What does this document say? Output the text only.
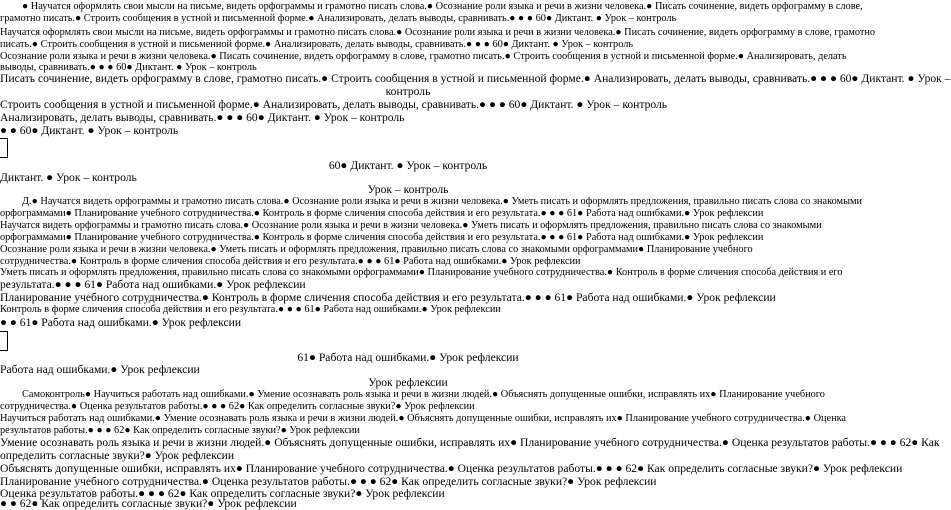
● Научатся оформлять свои мысли на письме, видеть орфограммы и грамотно писать слова.● Осознание роли языка и речи в жизни человека.● Писать сочинение, видеть орфограмму в слове,
грамотно писать.● Строить сообщения в устной и письменной форме.● Анализировать, делать выводы, сравнивать.● ● ● 60● Диктант. ● Урок – контроль
Научатся оформлять свои мысли на письме, видеть орфограммы и грамотно писать слова.● Осознание роли языка и речи в жизни человека.● Писать сочинение, видеть орфограмму в слове, грамотно
писать.● Строить сообщения в устной и письменной форме.● Анализировать, делать выводы, сравнивать.● ● ● 60● Диктант. ● Урок – контроль
Осознание роли языка и речи в жизни человека.● Писать сочинение, видеть орфограмму в слове, грамотно писать.● Строить сообщения в устной и письменной форме.● Анализировать, делать
выводы, сравнивать.● ● ● 60● Диктант. ● Урок – контроль
Писать сочинение, видеть орфограмму в слове, грамотно писать.● Строить сообщения в устной и письменной форме.● Анализировать, делать выводы, сравнивать.● ● ● 60● Диктант. ● Урок –
контроль
Строить сообщения в устной и письменной форме.● Анализировать, делать выводы, сравнивать.● ● ● 60● Диктант. ● Урок – контроль
Анализировать, делать выводы, сравнивать.● ● ● 60● Диктант. ● Урок – контроль
● ● 60● Диктант. ● Урок – контроль
60● Диктант. ● Урок – контроль
Диктант. ● Урок – контроль
Урок – контроль
Д.● Научатся видеть орфограммы и грамотно писать слова.● Осознание роли языка и речи в жизни человека.● Уметь писать и оформлять предложения, правильно писать слова со знакомыми
орфограммами● Планирование учебного сотрудничества.● Контроль в форме сличения способа действия и его результата.● ● ● 61● Работа над ошибками.● Урок рефлексии
Научатся видеть орфограммы и грамотно писать слова.● Осознание роли языка и речи в жизни человека.● Уметь писать и оформлять предложения, правильно писать слова со знакомыми
орфограммами● Планирование учебного сотрудничества.● Контроль в форме сличения способа действия и его результата.● ● ● 61● Работа над ошибками.● Урок рефлексии
Осознание роли языка и речи в жизни человека.● Уметь писать и оформлять предложения, правильно писать слова со знакомыми орфограммами● Планирование учебного
сотрудничества.● Контроль в форме сличения способа действия и его результата.● ● ● 61● Работа над ошибками.● Урок рефлексии
Уметь писать и оформлять предложения, правильно писать слова со знакомыми орфограммами● Планирование учебного сотрудничества.● Контроль в форме сличения способа действия и его
результата.● ● ● 61● Работа над ошибками.● Урок рефлексии
Планирование учебного сотрудничества.● Контроль в форме сличения способа действия и его результата.● ● ● 61● Работа над ошибками.● Урок рефлексии
Контроль в форме сличения способа действия и его результата.● ● ● 61● Работа над ошибками.● Урок рефлексии
● ● 61● Работа над ошибками.● Урок рефлексии
61● Работа над ошибками.● Урок рефлексии
Работа над ошибками.● Урок рефлексии
Урок рефлексии
Самоконтроль● Научиться работать над ошибками.● Умение осознавать роль языка и речи в жизни людей.● Объяснять допущенные ошибки, исправлять их● Планирование учебного
сотрудничества.● Оценка результатов работы.● ● ● 62● Как определить согласные звуки?● Урок рефлексии
Научиться работать над ошибками.● Умение осознавать роль языка и речи в жизни людей.● Объяснять допущенные ошибки, исправлять их● Планирование учебного сотрудничества.● Оценка
результатов работы.● ● ● 62● Как определить согласные звуки?● Урок рефлексии
Умение осознавать роль языка и речи в жизни людей.● Объяснять допущенные ошибки, исправлять их● Планирование учебного сотрудничества.● Оценка результатов работы.● ● ● 62● Как
определить согласные звуки?● Урок рефлексии
Объяснять допущенные ошибки, исправлять их● Планирование учебного сотрудничества.● Оценка результатов работы.● ● ● 62● Как определить согласные звуки?● Урок рефлексии
Планирование учебного сотрудничества.● Оценка результатов работы.● ● ● 62● Как определить согласные звуки?● Урок рефлексии
Оценка результатов работы.● ● ● 62● Как определить согласные звуки?● Урок рефлексии
● ● 62● Как определить согласные звуки?● Урок рефлексии
